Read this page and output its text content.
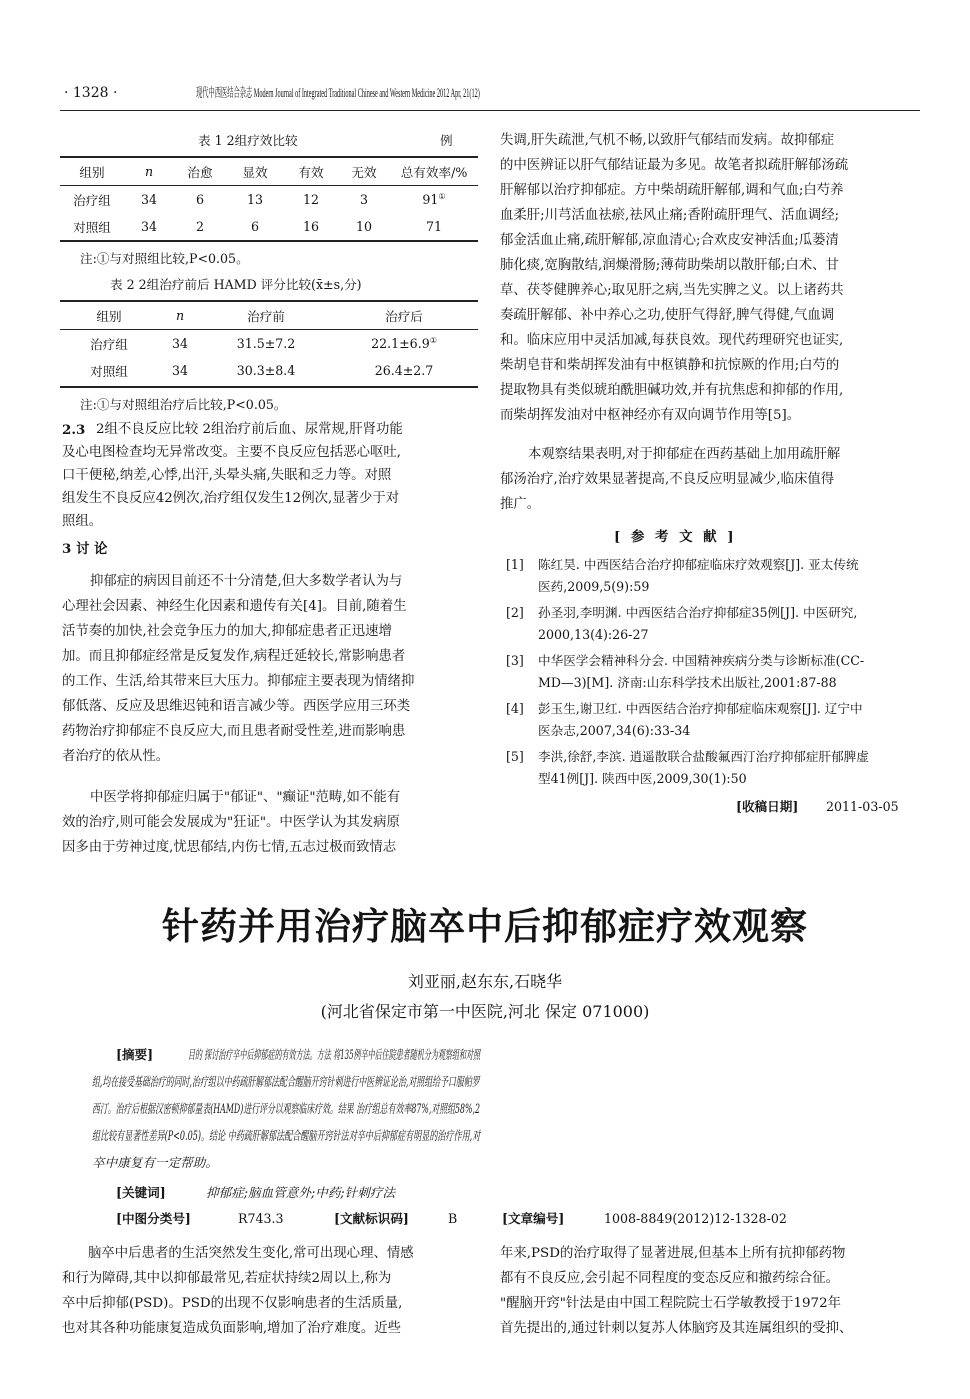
· 1328 ·	现代中西医结合杂志 Modern Journal of Integrated Traditional Chinese and Western Medicine 2012 Apr, 21(12)
表 1 2组疗效比较	例
组别	n	治愈	显效	有效	无效	总有效率/%
治疗组	34	6	13	12	3	91①
对照组	34	2	6	16	10	71
注:①与对照组比较,P<0.05。
表 2 2组治疗前后 HAMD 评分比较(x̄±s,分)
组别	n	治疗前	治疗后
治疗组	34	31.5±7.2	22.1±6.9①
对照组	34	30.3±8.4	26.4±2.7
注:①与对照组治疗后比较,P<0.05。
2.3 2组不良反应比较 2组治疗前后血、尿常规,肝肾功能
及心电图检查均无异常改变。主要不良反应包括恶心呕吐,
口干便秘,纳差,心悸,出汗,头晕头痛,失眠和乏力等。对照
组发生不良反应42例次,治疗组仅发生12例次,显著少于对
照组。
3 讨 论
抑郁症的病因目前还不十分清楚,但大多数学者认为与
心理社会因素、神经生化因素和遗传有关[4]。目前,随着生
活节奏的加快,社会竞争压力的加大,抑郁症患者正迅速增
加。而且抑郁症经常是反复发作,病程迁延较长,常影响患者
的工作、生活,给其带来巨大压力。抑郁症主要表现为情绪抑
郁低落、反应及思维迟钝和语言减少等。西医学应用三环类
药物治疗抑郁症不良反应大,而且患者耐受性差,进而影响患
者治疗的依从性。
中医学将抑郁症归属于"郁证"、"癫证"范畴,如不能有
效的治疗,则可能会发展成为"狂证"。中医学认为其发病原
因多由于劳神过度,忧思郁结,内伤七情,五志过极而致情志
失调,肝失疏泄,气机不畅,以致肝气郁结而发病。故抑郁症
的中医辨证以肝气郁结证最为多见。故笔者拟疏肝解郁汤疏
肝解郁以治疗抑郁症。方中柴胡疏肝解郁,调和气血;白芍养
血柔肝;川芎活血祛瘀,祛风止痛;香附疏肝理气、活血调经;
郁金活血止痛,疏肝解郁,凉血清心;合欢皮安神活血;瓜蒌清
肺化痰,宽胸散结,润燥滑肠;薄荷助柴胡以散肝郁;白术、甘
草、茯苓健脾养心;取见肝之病,当先实脾之义。以上诸药共
奏疏肝解郁、补中养心之功,使肝气得舒,脾气得健,气血调
和。临床应用中灵活加减,每获良效。现代药理研究也证实,
柴胡皂苷和柴胡挥发油有中枢镇静和抗惊厥的作用;白芍的
提取物具有类似琥珀酰胆碱功效,并有抗焦虑和抑郁的作用,
而柴胡挥发油对中枢神经亦有双向调节作用等[5]。
本观察结果表明,对于抑郁症在西药基础上加用疏肝解
郁汤治疗,治疗效果显著提高,不良反应明显减少,临床值得
推广。
[ 参 考 文 献 ]
[1] 陈红昊. 中西医结合治疗抑郁症临床疗效观察[J]. 亚太传统
医药,2009,5(9):59
[2] 孙圣羽,李明渊. 中西医结合治疗抑郁症35例[J]. 中医研究,
2000,13(4):26-27
[3] 中华医学会精神科分会. 中国精神疾病分类与诊断标准(CC-
MD—3)[M]. 济南:山东科学技术出版社,2001:87-88
[4] 彭玉生,谢卫红. 中西医结合治疗抑郁症临床观察[J]. 辽宁中
医杂志,2007,34(6):33-34
[5] 李洪,徐舒,李滨. 逍遥散联合盐酸氟西汀治疗抑郁症肝郁脾虚
型41例[J]. 陕西中医,2009,30(1):50
[收稿日期] 2011-03-05
针药并用治疗脑卒中后抑郁症疗效观察
刘亚丽,赵东东,石晓华
(河北省保定市第一中医院,河北 保定 071000)
[摘要]	目的 探讨治疗卒中后抑郁症的有效方法。方法 将135例卒中后住院患者随机分为观察组和对照
组,均在接受基础治疗的同时,治疗组以中药疏肝解郁法配合醒脑开窍针刺进行中医辨证论治,对照组给予口服帕罗
西汀。治疗后根据汉密顿抑郁量表(HAMD)进行评分以观察临床疗效。结果 治疗组总有效率87%,对照组58%,2
组比较有显著性差异(P<0.05)。结论 中药疏肝解郁法配合醒脑开窍针法对卒中后抑郁症有明显的治疗作用,对
卒中康复有一定帮助。
[关键词]	抑郁症;脑血管意外;中药;针刺疗法
[中图分类号]	R743.3	[文献标识码]	B	[文章编号]	1008-8849(2012)12-1328-02
脑卒中后患者的生活突然发生变化,常可出现心理、情感
和行为障碍,其中以抑郁最常见,若症状持续2周以上,称为
卒中后抑郁(PSD)。PSD的出现不仅影响患者的生活质量,
也对其各种功能康复造成负面影响,增加了治疗难度。近些
年来,PSD的治疗取得了显著进展,但基本上所有抗抑郁药物
都有不良反应,会引起不同程度的变态反应和撤药综合征。
"醒脑开窍"针法是由中国工程院院士石学敏教授于1972年
首先提出的,通过针刺以复苏人体脑窍及其连属组织的受抑、
